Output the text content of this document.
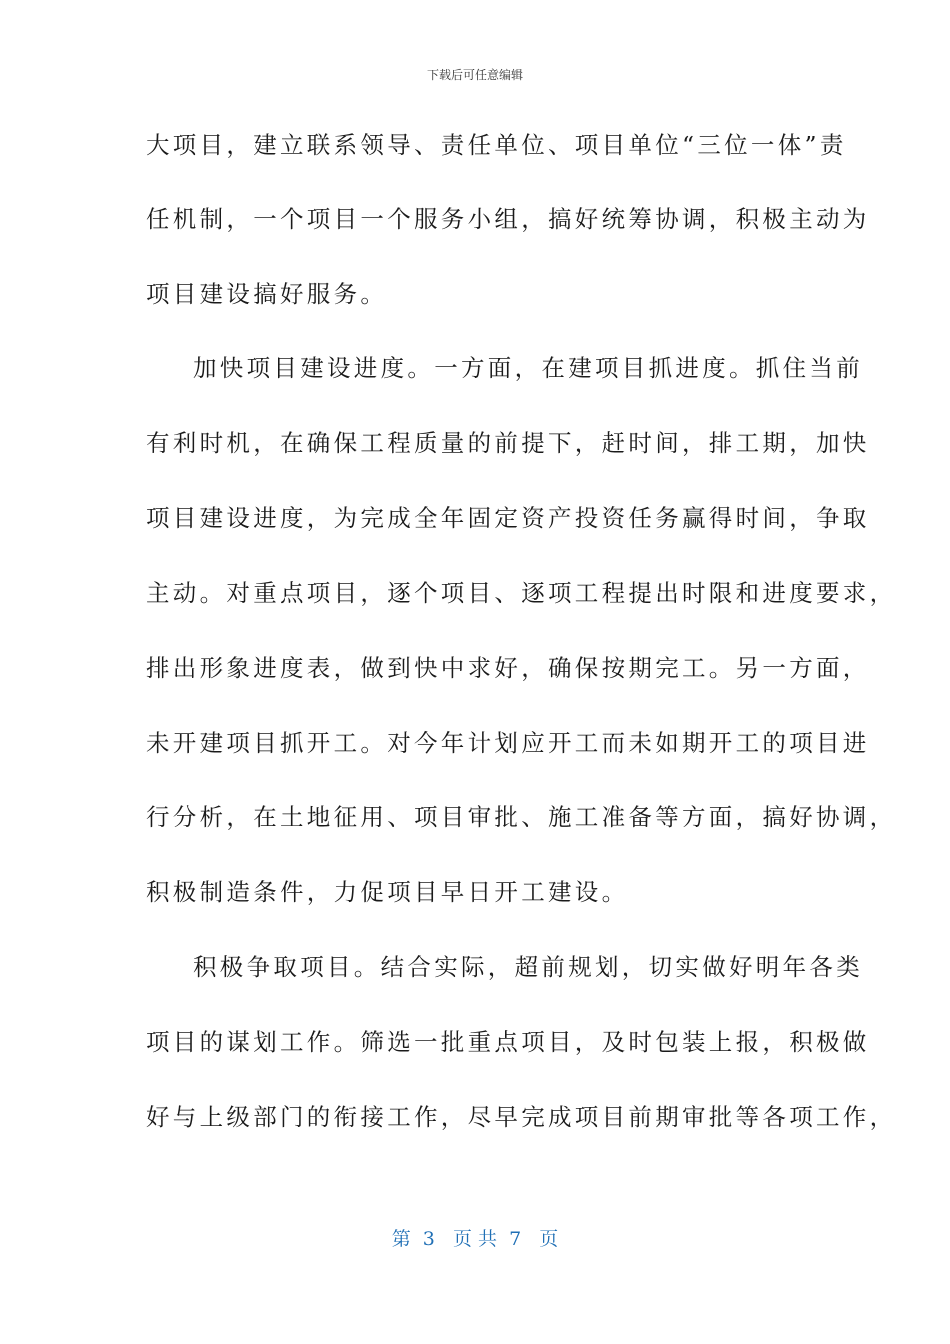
下载后可任意编辑
大项目，建立联系领导、责任单位、项目单位“三位一体”责
任机制，一个项目一个服务小组，搞好统筹协调，积极主动为
项目建设搞好服务。
加快项目建设进度。一方面，在建项目抓进度。抓住当前
有利时机，在确保工程质量的前提下，赶时间，排工期，加快
项目建设进度，为完成全年固定资产投资任务赢得时间，争取
主动。对重点项目，逐个项目、逐项工程提出时限和进度要求，
排出形象进度表，做到快中求好，确保按期完工。另一方面，
未开建项目抓开工。对今年计划应开工而未如期开工的项目进
行分析，在土地征用、项目审批、施工准备等方面，搞好协调，
积极制造条件，力促项目早日开工建设。
积极争取项目。结合实际，超前规划，切实做好明年各类
项目的谋划工作。筛选一批重点项目，及时包装上报，积极做
好与上级部门的衔接工作，尽早完成项目前期审批等各项工作，
第  3   页 共  7   页
